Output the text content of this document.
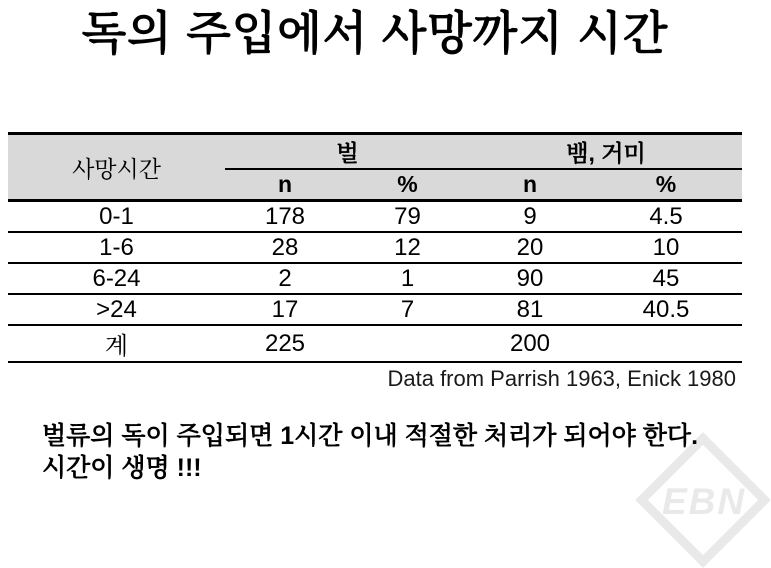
독의 주입에서 사망까지 시간
EBN
사망시간	벌		뱀, 거미	
	n	%	n	%
0-1	178	79	9	4.5
1-6	28	12	20	10
6-24	2	1	90	45
>24	17	7	81	40.5
계	225		200	
Data from Parrish 1963, Enick 1980
벌류의 독이 주입되면 1시간 이내 적절한 처리가 되어야 한다.
시간이 생명 !!!
